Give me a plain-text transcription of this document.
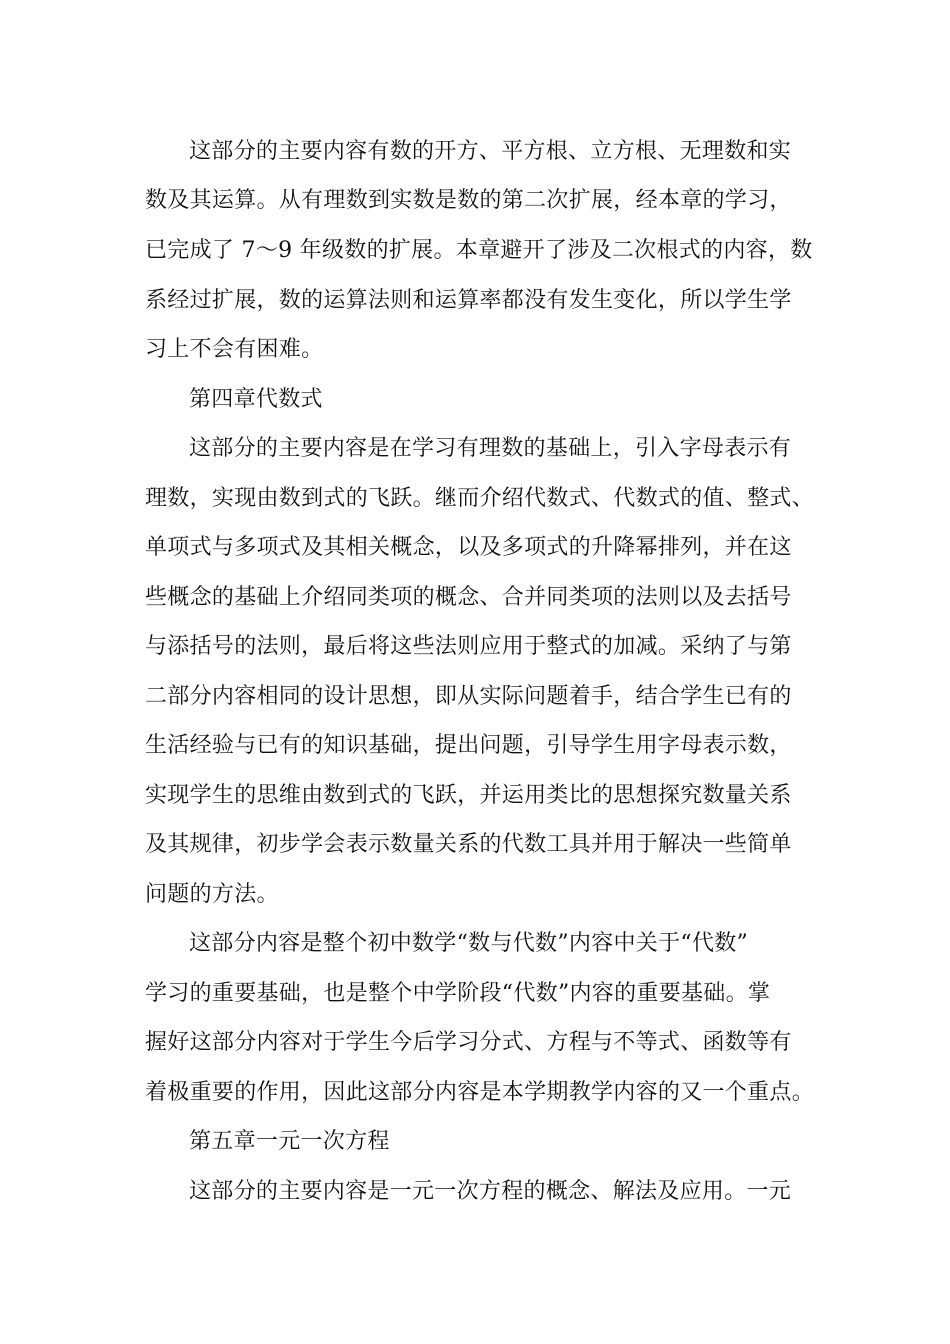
这部分的主要内容有数的开方、平方根、立方根、无理数和实
数及其运算。从有理数到实数是数的第二次扩展，经本章的学习，
已完成了 7～9 年级数的扩展。本章避开了涉及二次根式的内容，数
系经过扩展，数的运算法则和运算率都没有发生变化，所以学生学
习上不会有困难。
第四章代数式
这部分的主要内容是在学习有理数的基础上，引入字母表示有
理数，实现由数到式的飞跃。继而介绍代数式、代数式的值、整式、
单项式与多项式及其相关概念，以及多项式的升降幂排列，并在这
些概念的基础上介绍同类项的概念、合并同类项的法则以及去括号
与添括号的法则，最后将这些法则应用于整式的加减。采纳了与第
二部分内容相同的设计思想，即从实际问题着手，结合学生已有的
生活经验与已有的知识基础，提出问题，引导学生用字母表示数，
实现学生的思维由数到式的飞跃，并运用类比的思想探究数量关系
及其规律，初步学会表示数量关系的代数工具并用于解决一些简单
问题的方法。
这部分内容是整个初中数学“数与代数”内容中关于“代数”
学习的重要基础，也是整个中学阶段“代数”内容的重要基础。掌
握好这部分内容对于学生今后学习分式、方程与不等式、函数等有
着极重要的作用，因此这部分内容是本学期教学内容的又一个重点。
第五章一元一次方程
这部分的主要内容是一元一次方程的概念、解法及应用。一元
